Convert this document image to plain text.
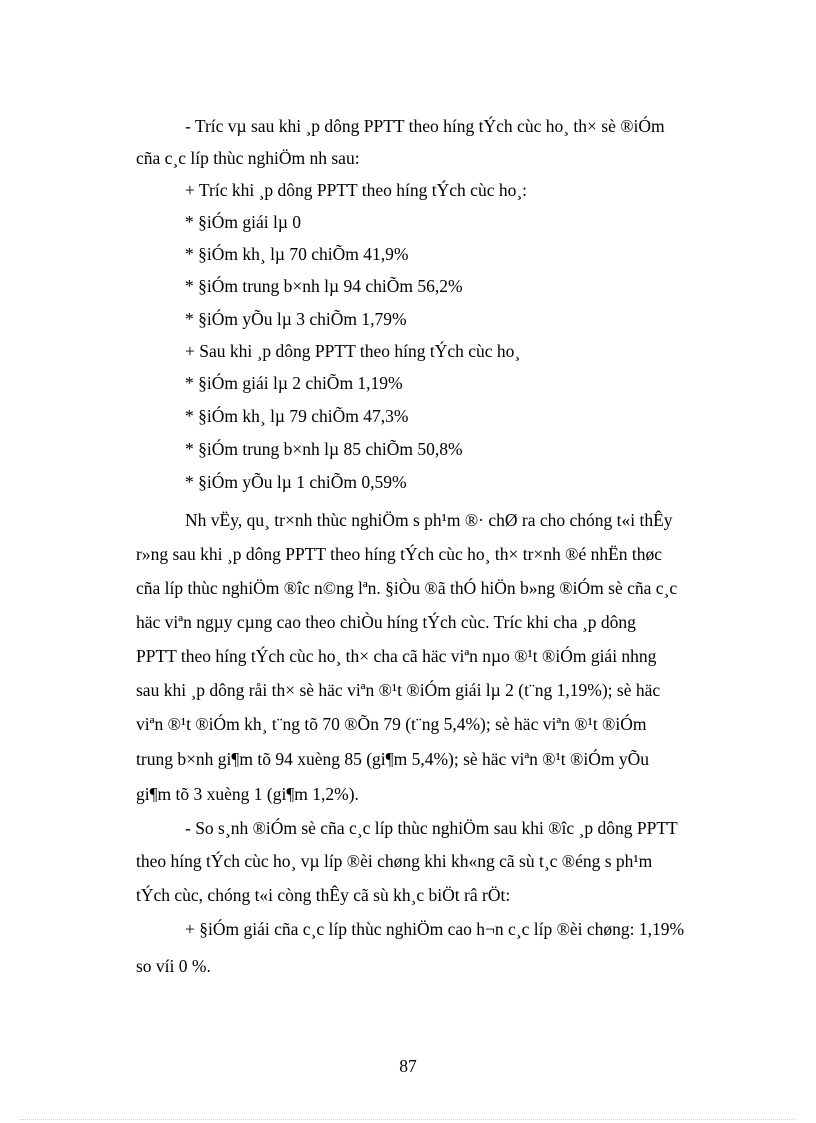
- Tríc vµ sau khi ¸p dông PPTT theo híng tÝch cùc ho¸ th× sè ®iÓm
cña c¸c líp thùc nghiÖm nh sau:
+ Tríc khi ¸p dông PPTT theo híng tÝch cùc ho¸:
* §iÓm giái lµ 0
* §iÓm kh¸ lµ 70 chiÕm 41,9%
* §iÓm trung b×nh lµ 94 chiÕm 56,2%
* §iÓm yÕu lµ 3 chiÕm 1,79%
+ Sau khi ¸p dông PPTT theo híng tÝch cùc ho¸
* §iÓm giái lµ 2 chiÕm 1,19%
* §iÓm kh¸ lµ 79 chiÕm 47,3%
* §iÓm trung b×nh lµ 85 chiÕm 50,8%
* §iÓm yÕu lµ 1 chiÕm 0,59%
Nh vËy, qu¸ tr×nh thùc nghiÖm s ph¹m ®· chØ ra cho chóng t«i thÊy
r»ng sau khi ¸p dông PPTT theo híng tÝch cùc ho¸ th× tr×nh ®é nhËn thøc
cña líp thùc nghiÖm ®îc n©ng lªn. §iÒu ®ã thÓ hiÖn b»ng ®iÓm sè cña c¸c
häc viªn ngµy cµng cao theo chiÒu híng tÝch cùc. Tríc khi cha ¸p dông
PPTT theo híng tÝch cùc ho¸ th× cha cã häc viªn nµo ®¹t ®iÓm giái nhng
sau khi ¸p dông råi th× sè häc viªn ®¹t ®iÓm giái lµ 2 (t¨ng 1,19%); sè häc
viªn ®¹t ®iÓm kh¸ t¨ng tõ 70 ®Õn 79 (t¨ng 5,4%); sè häc viªn ®¹t ®iÓm
trung b×nh gi¶m tõ 94 xuèng 85 (gi¶m 5,4%); sè häc viªn ®¹t ®iÓm yÕu
gi¶m tõ 3 xuèng 1 (gi¶m 1,2%).
- So s¸nh ®iÓm sè cña c¸c líp thùc nghiÖm sau khi ®îc ¸p dông PPTT
theo híng tÝch cùc ho¸ vµ líp ®èi chøng khi kh«ng cã sù t¸c ®éng s ph¹m
tÝch cùc, chóng t«i còng thÊy cã sù kh¸c biÖt râ rÖt:
+ §iÓm giái cña c¸c líp thùc nghiÖm cao h¬n c¸c líp ®èi chøng: 1,19%
so víi 0 %.
87
